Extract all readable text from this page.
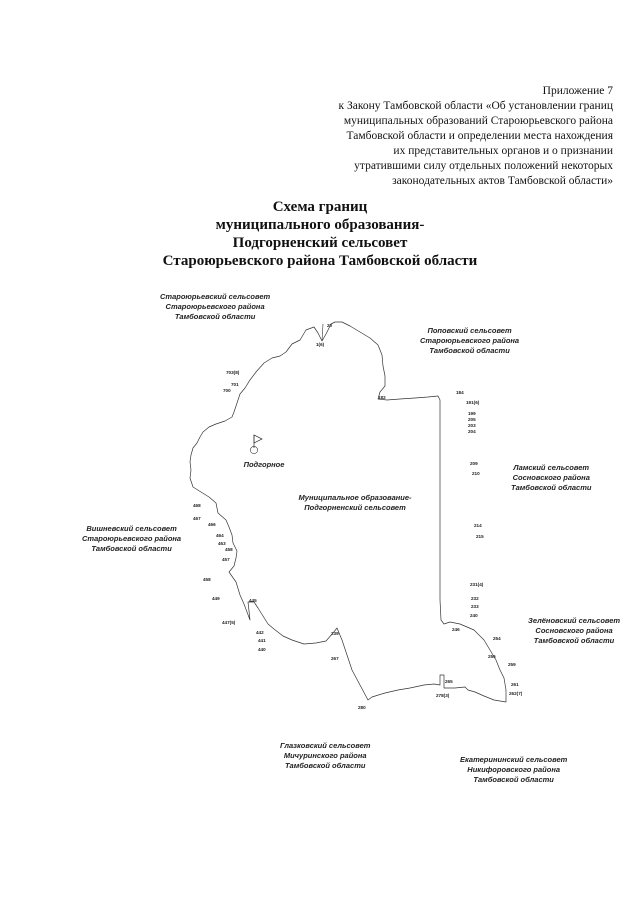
Приложение 7
к Закону Тамбовской области «Об установлении границ
муниципальных образований Староюрьевского района
Тамбовской области и определении места нахождения
их представительных органов и о признании
утратившими силу отдельных положений некоторых
законодательных актов Тамбовской области»
Схема границ
муниципального образования-
Подгорненский сельсовет
Староюрьевского района Тамбовской области
Староюрьевский сельсовет
Староюрьевского района
Тамбовской области
Поповский сельсовет
Староюрьевского района
Тамбовской области
Ламский сельсовет
Сосновского района
Тамбовской области
Вишневский сельсовет
Староюрьевского района
Тамбовской области
Зелёновский сельсовет
Сосновского района
Тамбовской области
Глазковский сельсовет
Мичуринского района
Тамбовской области
Екатерининский сельсовет
Никифоровского района
Тамбовской области
Подгорное
Муниципальное образование-
Подгорненский сельсовет
20
1(6)
703(8)
701
700
182
184
191(6)
199
205
203
204
209
210
214
215
231(4)
232
233
240
246
254
256
259
261
262(7)
265
278(3)
267
280
239
445
442
441
440
447(5)
449
458
457
458
463
464
466
467
468
